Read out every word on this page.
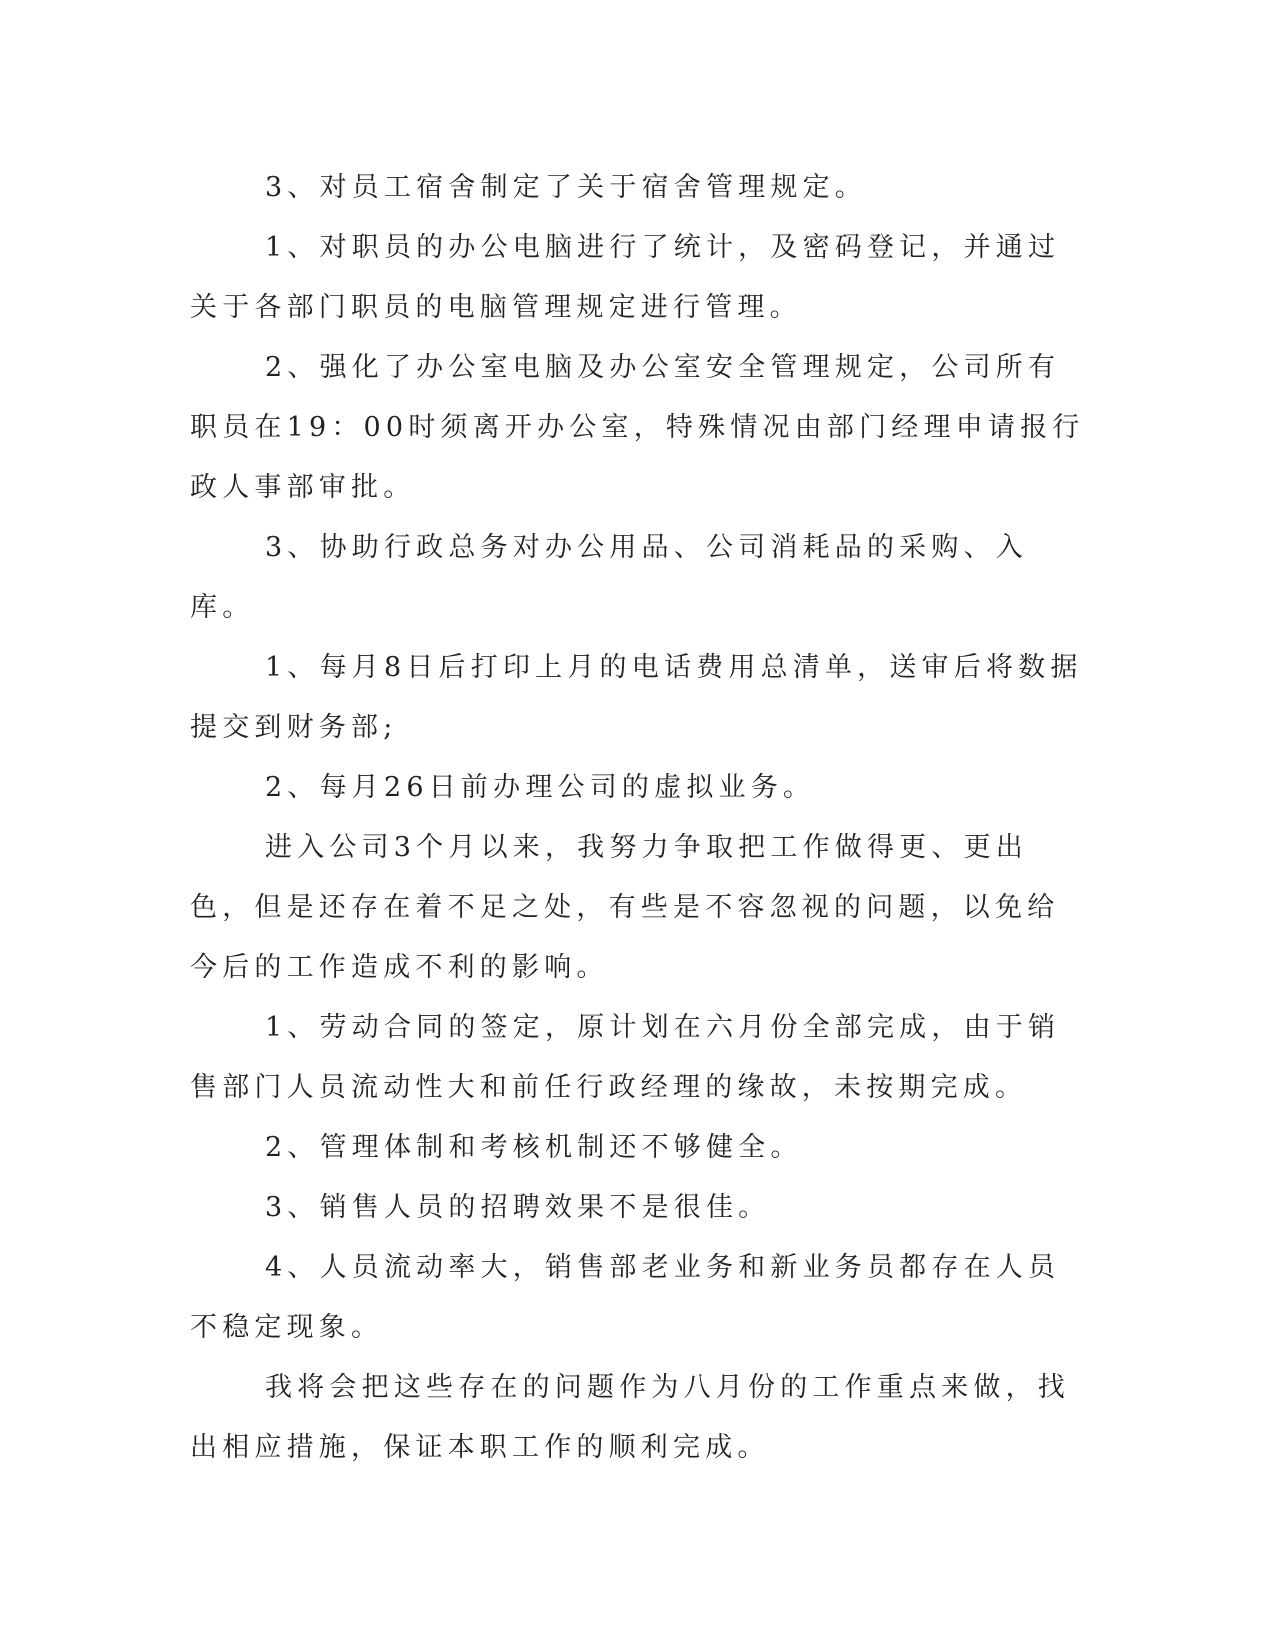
3、对员工宿舍制定了关于宿舍管理规定。

1、对职员的办公电脑进行了统计，及密码登记，并通过关于各部门职员的电脑管理规定进行管理。

2、强化了办公室电脑及办公室安全管理规定，公司所有职员在19：00时须离开办公室，特殊情况由部门经理申请报行政人事部审批。

3、协助行政总务对办公用品、公司消耗品的采购、入库。

1、每月8日后打印上月的电话费用总清单，送审后将数据提交到财务部;

2、每月26日前办理公司的虚拟业务。

进入公司3个月以来，我努力争取把工作做得更、更出色，但是还存在着不足之处，有些是不容忽视的问题，以免给今后的工作造成不利的影响。

1、劳动合同的签定，原计划在六月份全部完成，由于销售部门人员流动性大和前任行政经理的缘故，未按期完成。

2、管理体制和考核机制还不够健全。

3、销售人员的招聘效果不是很佳。

4、人员流动率大，销售部老业务和新业务员都存在人员不稳定现象。

我将会把这些存在的问题作为八月份的工作重点来做，找出相应措施，保证本职工作的顺利完成。
